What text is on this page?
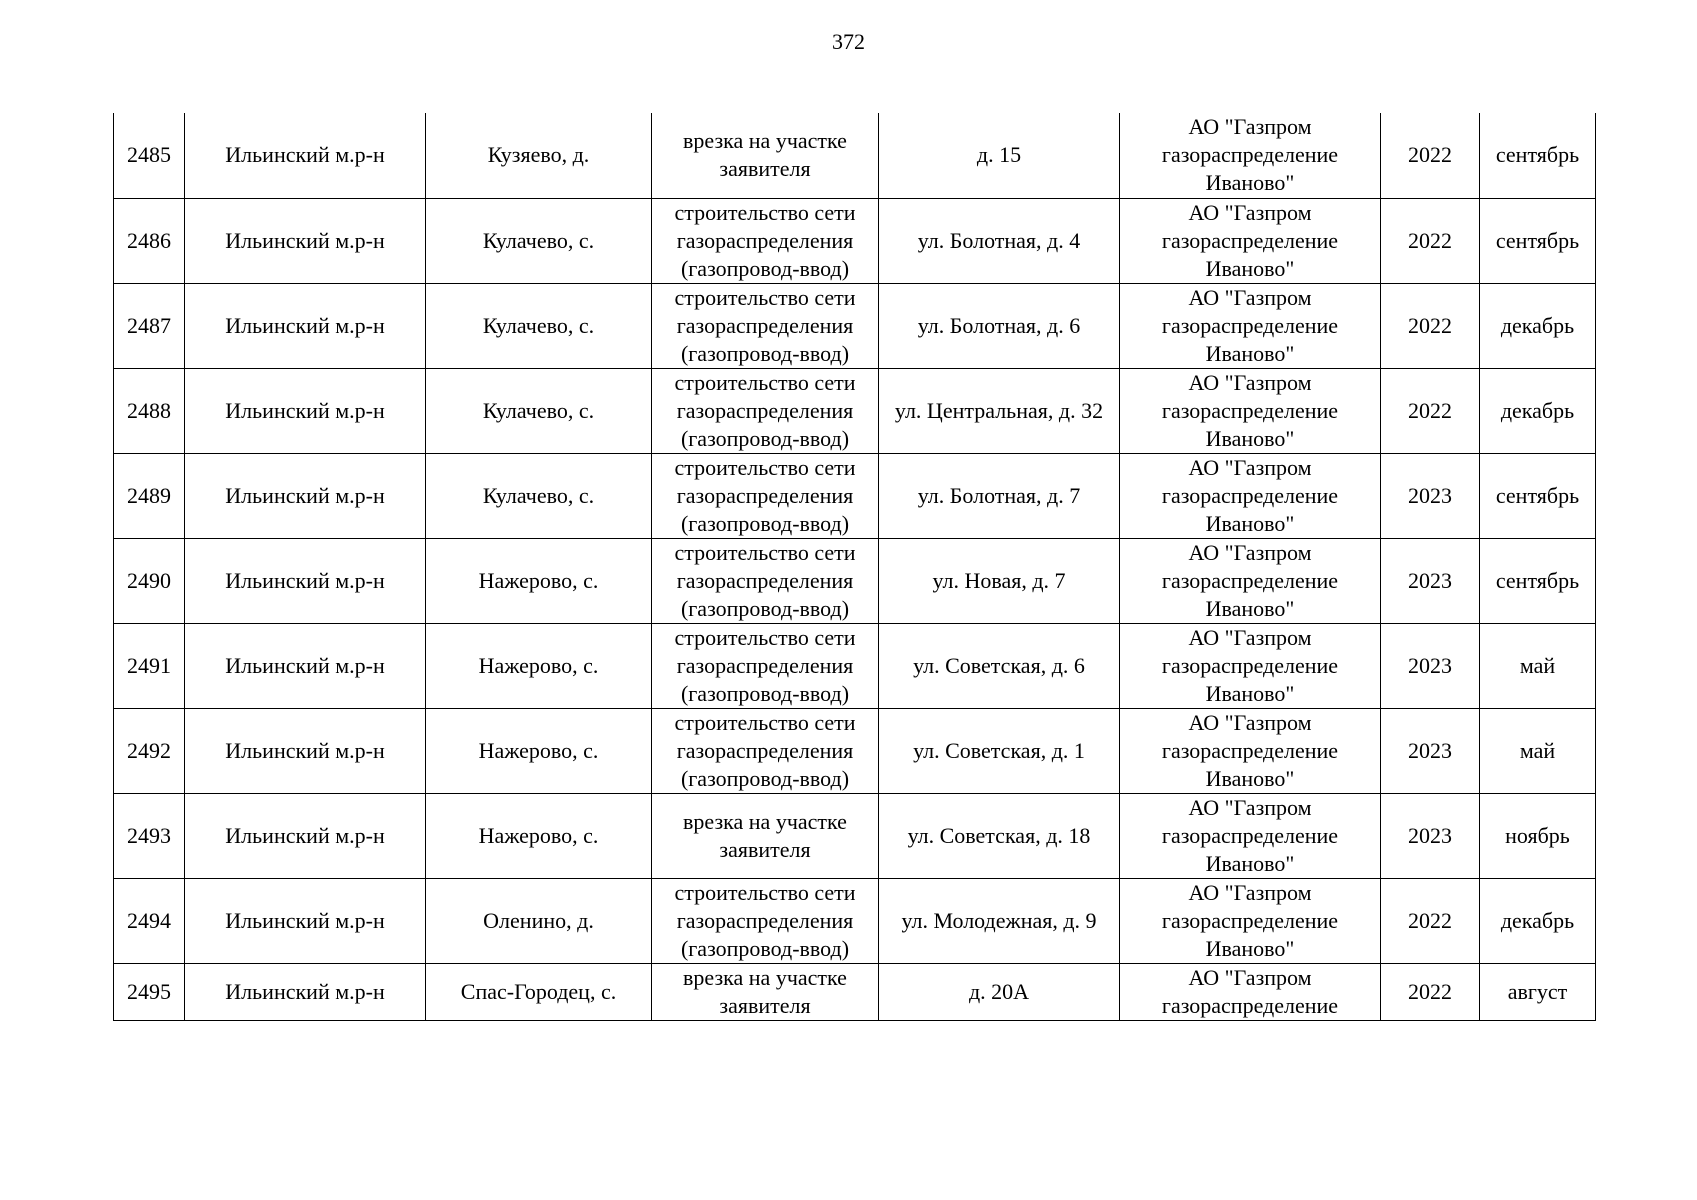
372
2485	Ильинский м.р-н	Кузяево, д.	врезка на участке заявителя	д. 15	АО "Газпром газораспределение Иваново"	2022	сентябрь
2486	Ильинский м.р-н	Кулачево, с.	строительство сети газораспределения (газопровод-ввод)	ул. Болотная, д. 4	АО "Газпром газораспределение Иваново"	2022	сентябрь
2487	Ильинский м.р-н	Кулачево, с.	строительство сети газораспределения (газопровод-ввод)	ул. Болотная, д. 6	АО "Газпром газораспределение Иваново"	2022	декабрь
2488	Ильинский м.р-н	Кулачево, с.	строительство сети газораспределения (газопровод-ввод)	ул. Центральная, д. 32	АО "Газпром газораспределение Иваново"	2022	декабрь
2489	Ильинский м.р-н	Кулачево, с.	строительство сети газораспределения (газопровод-ввод)	ул. Болотная, д. 7	АО "Газпром газораспределение Иваново"	2023	сентябрь
2490	Ильинский м.р-н	Нажерово, с.	строительство сети газораспределения (газопровод-ввод)	ул. Новая, д. 7	АО "Газпром газораспределение Иваново"	2023	сентябрь
2491	Ильинский м.р-н	Нажерово, с.	строительство сети газораспределения (газопровод-ввод)	ул. Советская, д. 6	АО "Газпром газораспределение Иваново"	2023	май
2492	Ильинский м.р-н	Нажерово, с.	строительство сети газораспределения (газопровод-ввод)	ул. Советская, д. 1	АО "Газпром газораспределение Иваново"	2023	май
2493	Ильинский м.р-н	Нажерово, с.	врезка на участке заявителя	ул. Советская, д. 18	АО "Газпром газораспределение Иваново"	2023	ноябрь
2494	Ильинский м.р-н	Оленино, д.	строительство сети газораспределения (газопровод-ввод)	ул. Молодежная, д. 9	АО "Газпром газораспределение Иваново"	2022	декабрь
2495	Ильинский м.р-н	Спас-Городец, с.	врезка на участке заявителя	д. 20А	АО "Газпром газораспределение	2022	август
